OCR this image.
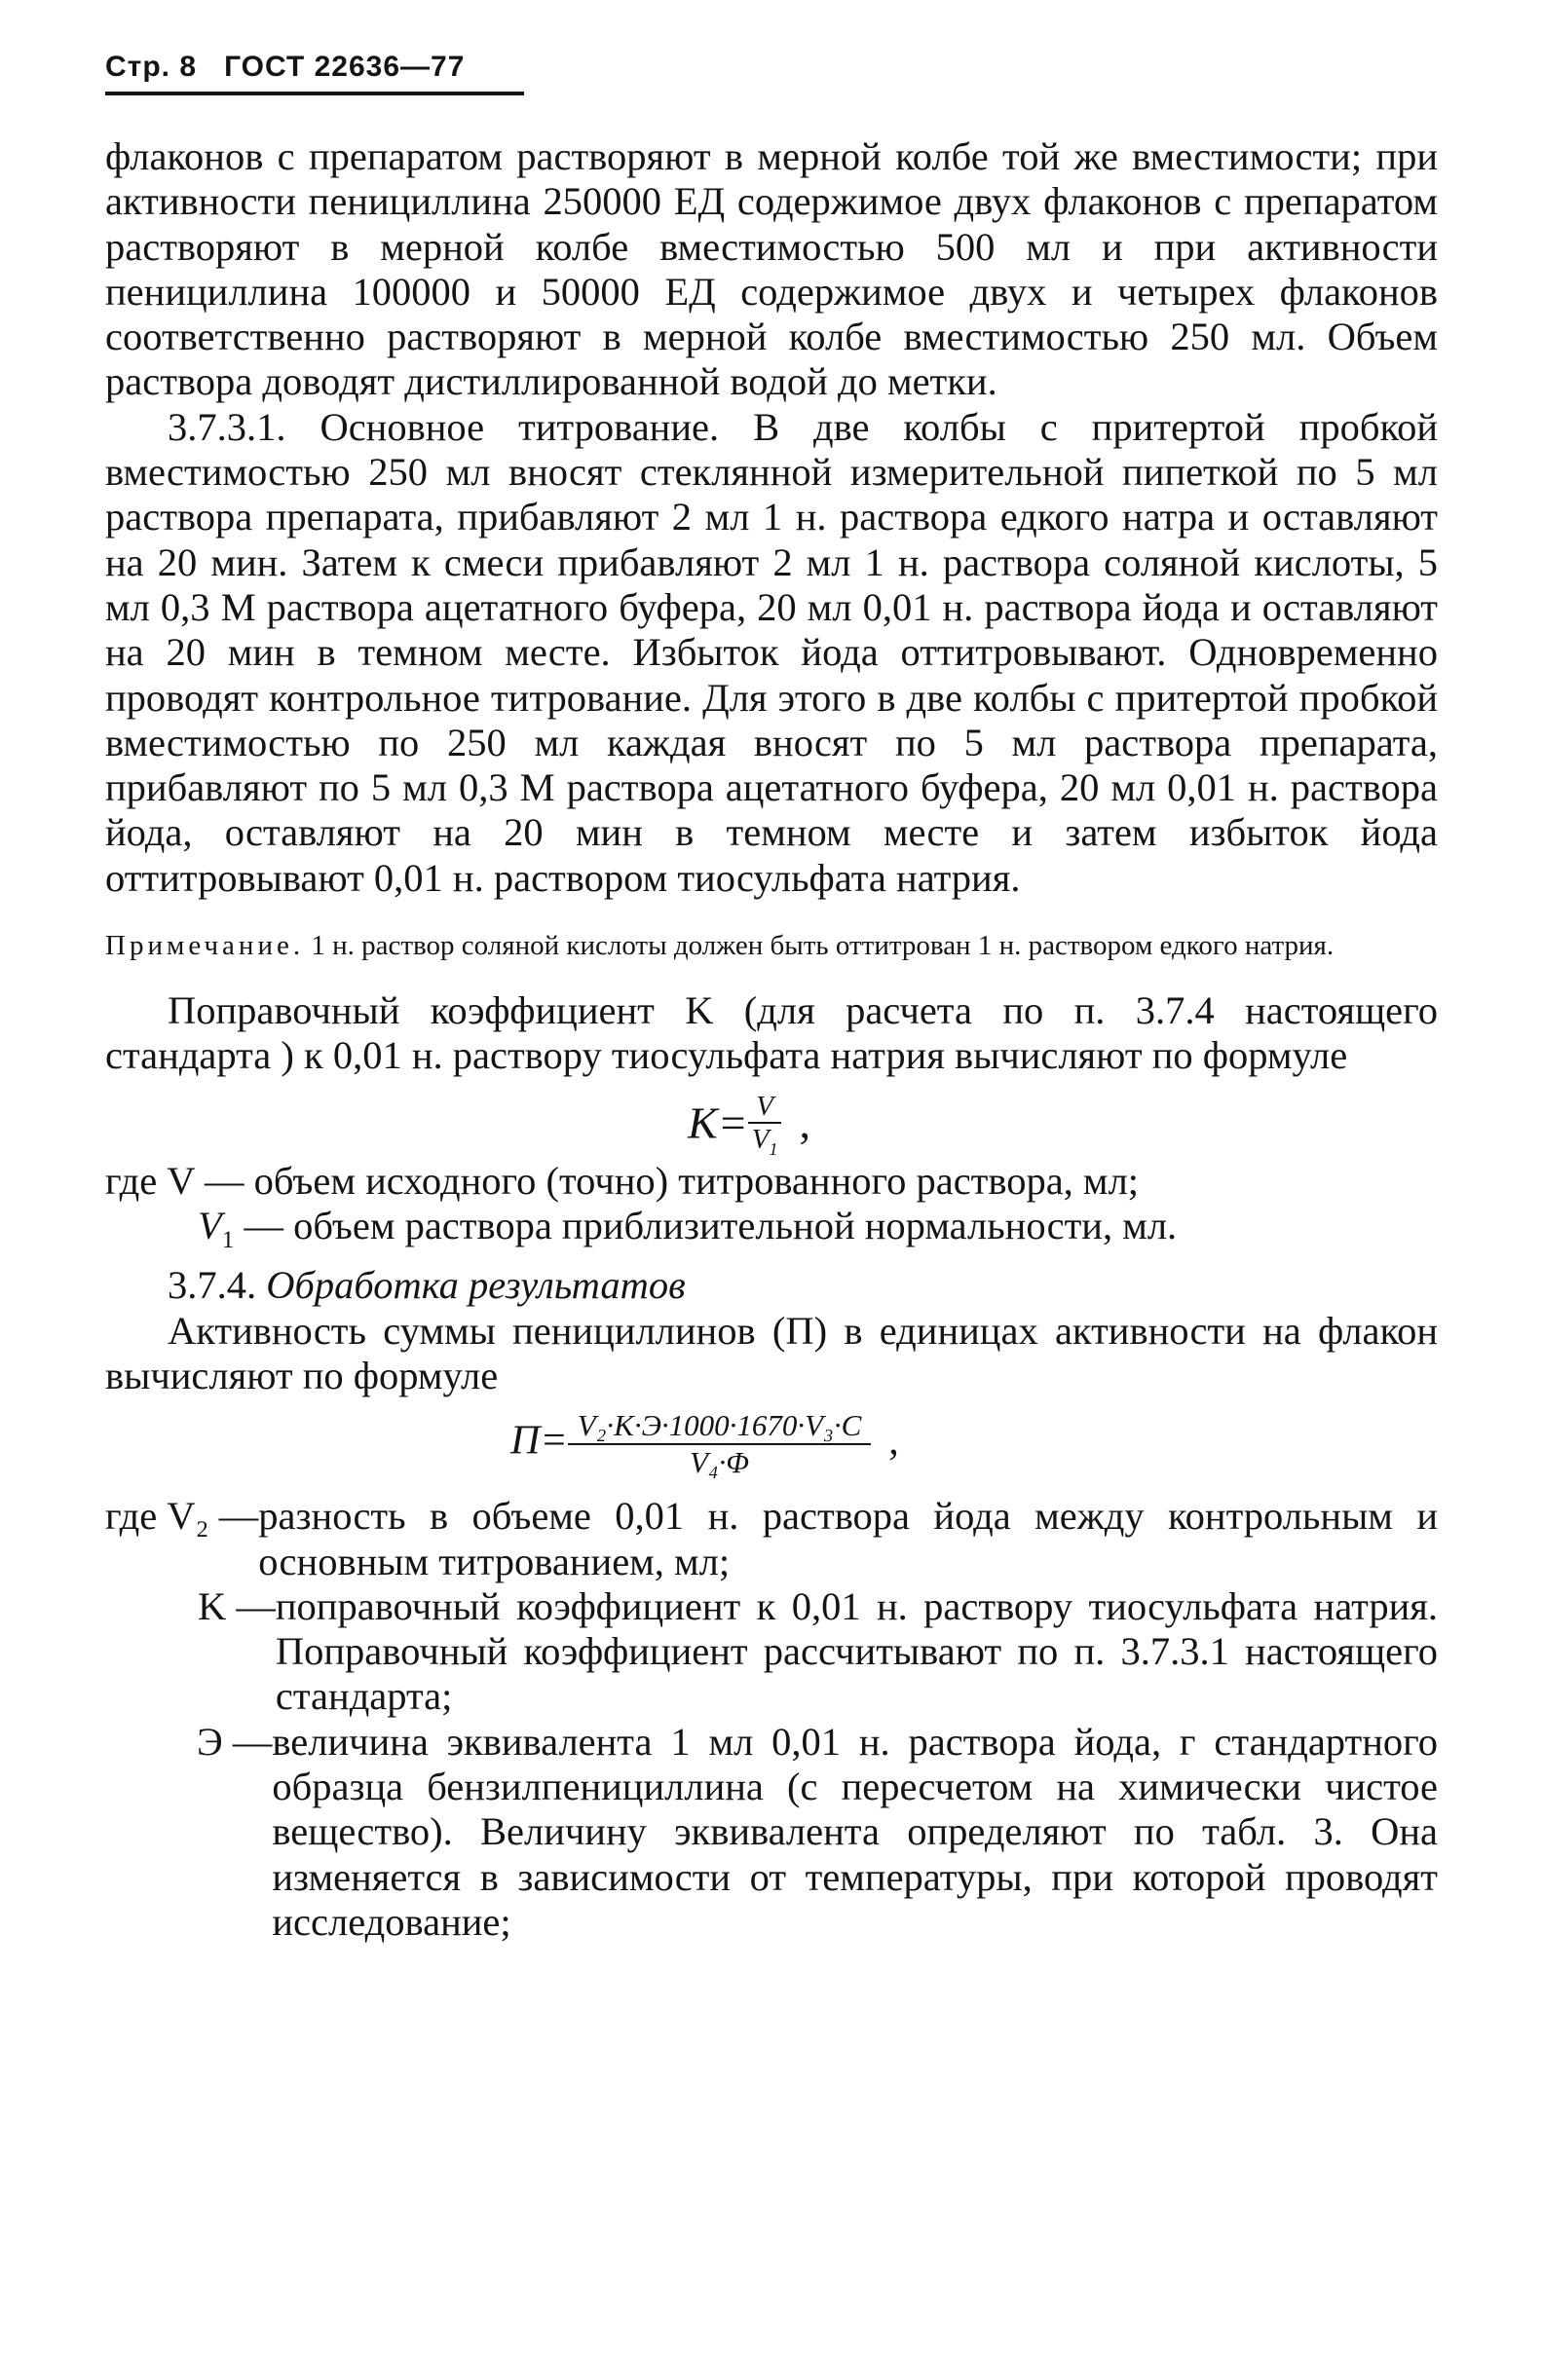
Стр. 8 ГОСТ 22636—77

флаконов с препаратом растворяют в мерной колбе той же вместимости; при активности пенициллина 250000 ЕД содержимое двух флаконов с препаратом растворяют в мерной колбе вместимостью 500 мл и при активности пенициллина 100000 и 50000 ЕД содержимое двух и четырех флаконов соответственно растворяют в мерной колбе вместимостью 250 мл. Объем раствора доводят дистиллированной водой до метки.

3.7.3.1. Основное титрование. В две колбы с притертой пробкой вместимостью 250 мл вносят стеклянной измерительной пипеткой по 5 мл раствора препарата, прибавляют 2 мл 1 н. раствора едкого натра и оставляют на 20 мин. Затем к смеси прибавляют 2 мл 1 н. раствора соляной кислоты, 5 мл 0,3 М раствора ацетатного буфера, 20 мл 0,01 н. раствора йода и оставляют на 20 мин в темном месте. Избыток йода оттитровывают. Одновременно проводят контрольное титрование. Для этого в две колбы с притертой пробкой вместимостью по 250 мл каждая вносят по 5 мл раствора препарата, прибавляют по 5 мл 0,3 М раствора ацетатного буфера, 20 мл 0,01 н. раствора йода, оставляют на 20 мин в темном месте и затем избыток йода оттитровывают 0,01 н. раствором тиосульфата натрия.

Примечание. 1 н. раствор соляной кислоты должен быть оттитрован 1 н. раствором едкого натрия.

Поправочный коэффициент K (для расчета по п. 3.7.4 настоящего стандарта ) к 0,01 н. раствору тиосульфата натрия вычисляют по формуле

$K= \frac{V}{V_1}$ ,

где V — объем исходного (точно) титрованного раствора, мл;

$V_1$ — объем раствора приблизительной нормальности, мл.

3.7.4. Обработка результатов

Активность суммы пенициллинов (П) в единицах активности на флакон вычисляют по формуле

$П= \frac{\text{V₂·K·Э·1000·1670·V₃·C}}{\text{V₄·Φ}}$ ,
где V₂ — разность в объеме 0,01 н. раствора йода между контрольным и основным титрованием, мл;
K — поправочный коэффициент к 0,01 н. раствору тиосульфата натрия. Поправочный коэффициент рассчитывают по п. 3.7.3.1 настоящего стандарта;
Э — величина эквивалента 1 мл 0,01 н. раствора йода, г стандартного образца бензилпенициллина (с пересчетом на химически чистое вещество). Величину эквивалента определяют по табл. 3. Она изменяется в зависимости от температуры, при которой проводят исследование;
